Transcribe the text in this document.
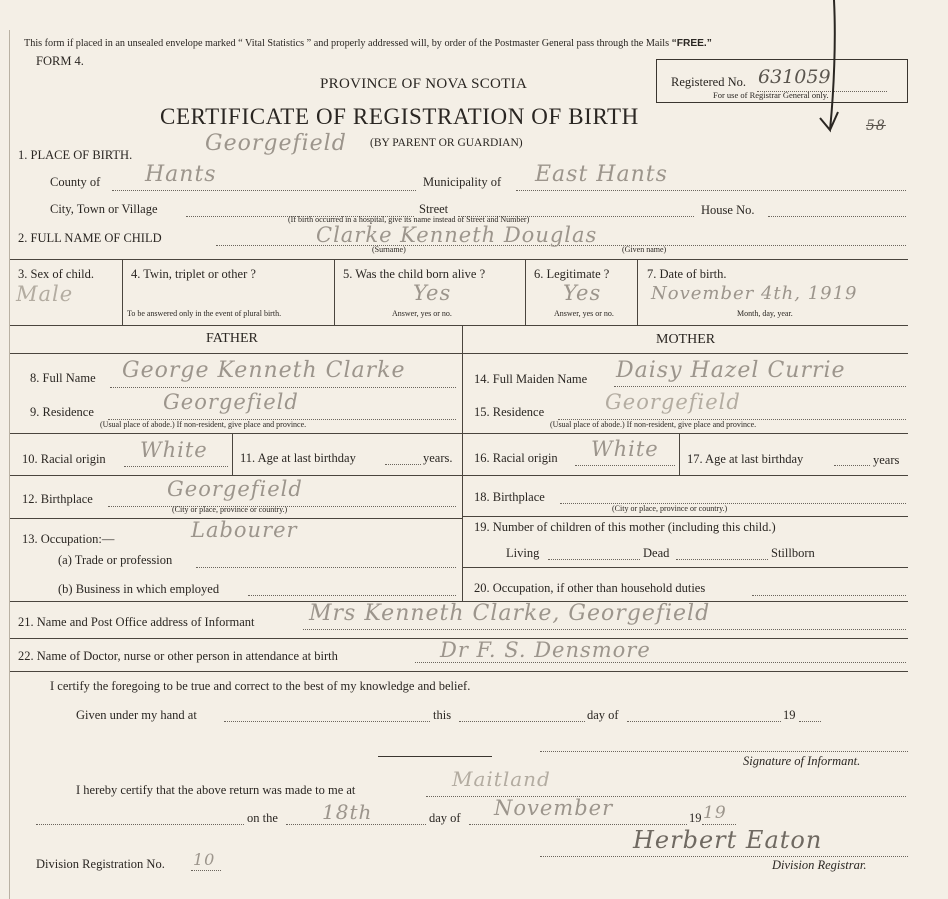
This form if placed in an unsealed envelope marked “ Vital Statistics ” and properly addressed will, by order of the Postmaster General pass through the Mails “FREE.”
FORM 4.
PROVINCE OF NOVA SCOTIA
CERTIFICATE OF REGISTRATION OF BIRTH
(BY PARENT OR GUARDIAN)
Registered No. 631059
For use of Registrar General only.
58
1. PLACE OF BIRTH.	Georgefield
County of Hants	Municipality of East Hants
City, Town or Village	Street	House No.
(If birth occurred in a hospital, give its name instead of Street and Number)
2. FULL NAME OF CHILD	Clarke Kenneth Douglas
(Surname)	(Given name)
3. Sex of child.
Male
4. Twin, triplet or other ?
To be answered only in the event of plural birth.
5. Was the child born alive ?
Yes
Answer, yes or no.
6. Legitimate ?
Yes
Answer, yes or no.
7. Date of birth.
November 4th, 1919
Month, day, year.
FATHER	MOTHER
8. Full Name George Kenneth Clarke
9. Residence	Georgefield
(Usual place of abode.) If non-resident, give place and province.
10. Racial origin White	11. Age at last birthday	years.
12. Birthplace	Georgefield
(City or place, province or country.)
13. Occupation:—	Labourer
(a) Trade or profession
(b) Business in which employed
14. Full Maiden Name Daisy Hazel Currie
15. Residence	Georgefield
(Usual place of abode.) If non-resident, give place and province.
16. Racial origin White 17. Age at last birthday	years
18. Birthplace
(City or place, province or country.)
19. Number of children of this mother (including this child.)
Living	Dead	Stillborn
20. Occupation, if other than household duties
21. Name and Post Office address of Informant Mrs Kenneth Clarke, Georgefield
22. Name of Doctor, nurse or other person in attendance at birth	Dr F. S. Densmore
I certify the foregoing to be true and correct to the best of my knowledge and belief.
Given under my hand at	this	day of	19
Signature of Informant.
I hereby certify that the above return was made to me at	Maitland
on the 18th	day of November	19 19
Division Registration No. 10
Herbert Eaton
Division Registrar.
